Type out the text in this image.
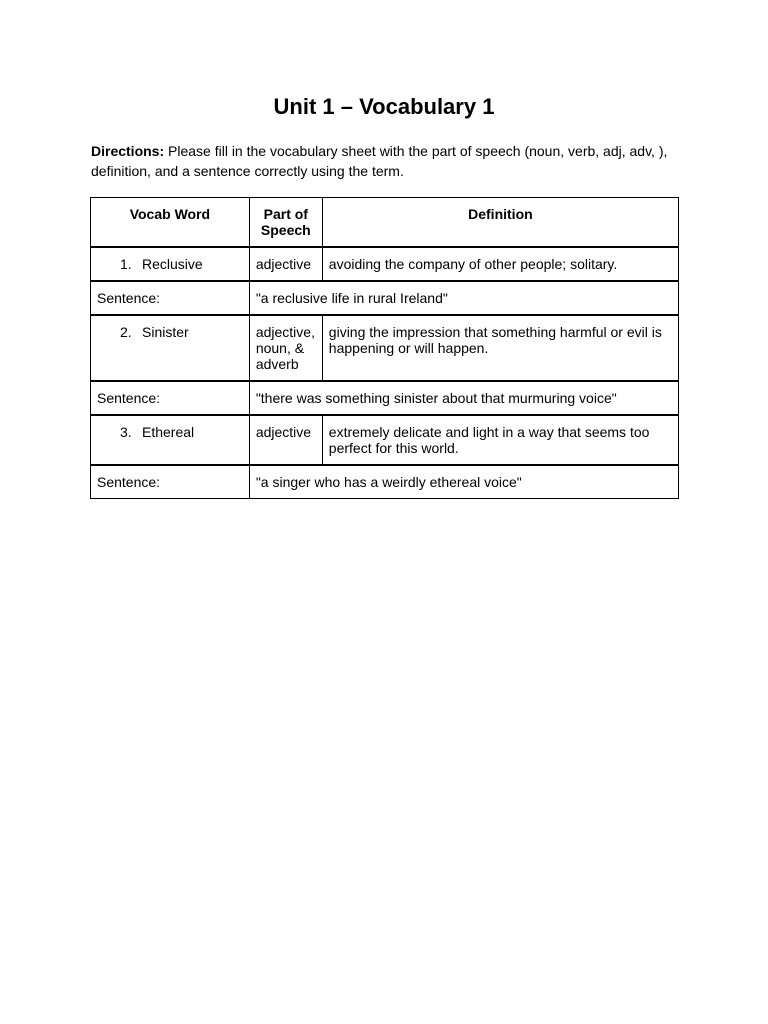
Unit 1 – Vocabulary 1

Directions: Please fill in the vocabulary sheet with the part of speech (noun, verb, adj, adv, ), definition, and a sentence correctly using the term.

Vocab Word	Part of Speech	Definition
1. Reclusive	adjective	avoiding the company of other people; solitary.
Sentence:	"a reclusive life in rural Ireland"	
2. Sinister	adjective, noun, & adverb	giving the impression that something harmful or evil is happening or will happen.
Sentence:	"there was something sinister about that murmuring voice"	
3. Ethereal	adjective	extremely delicate and light in a way that seems too perfect for this world.
Sentence:	"a singer who has a weirdly ethereal voice"	
